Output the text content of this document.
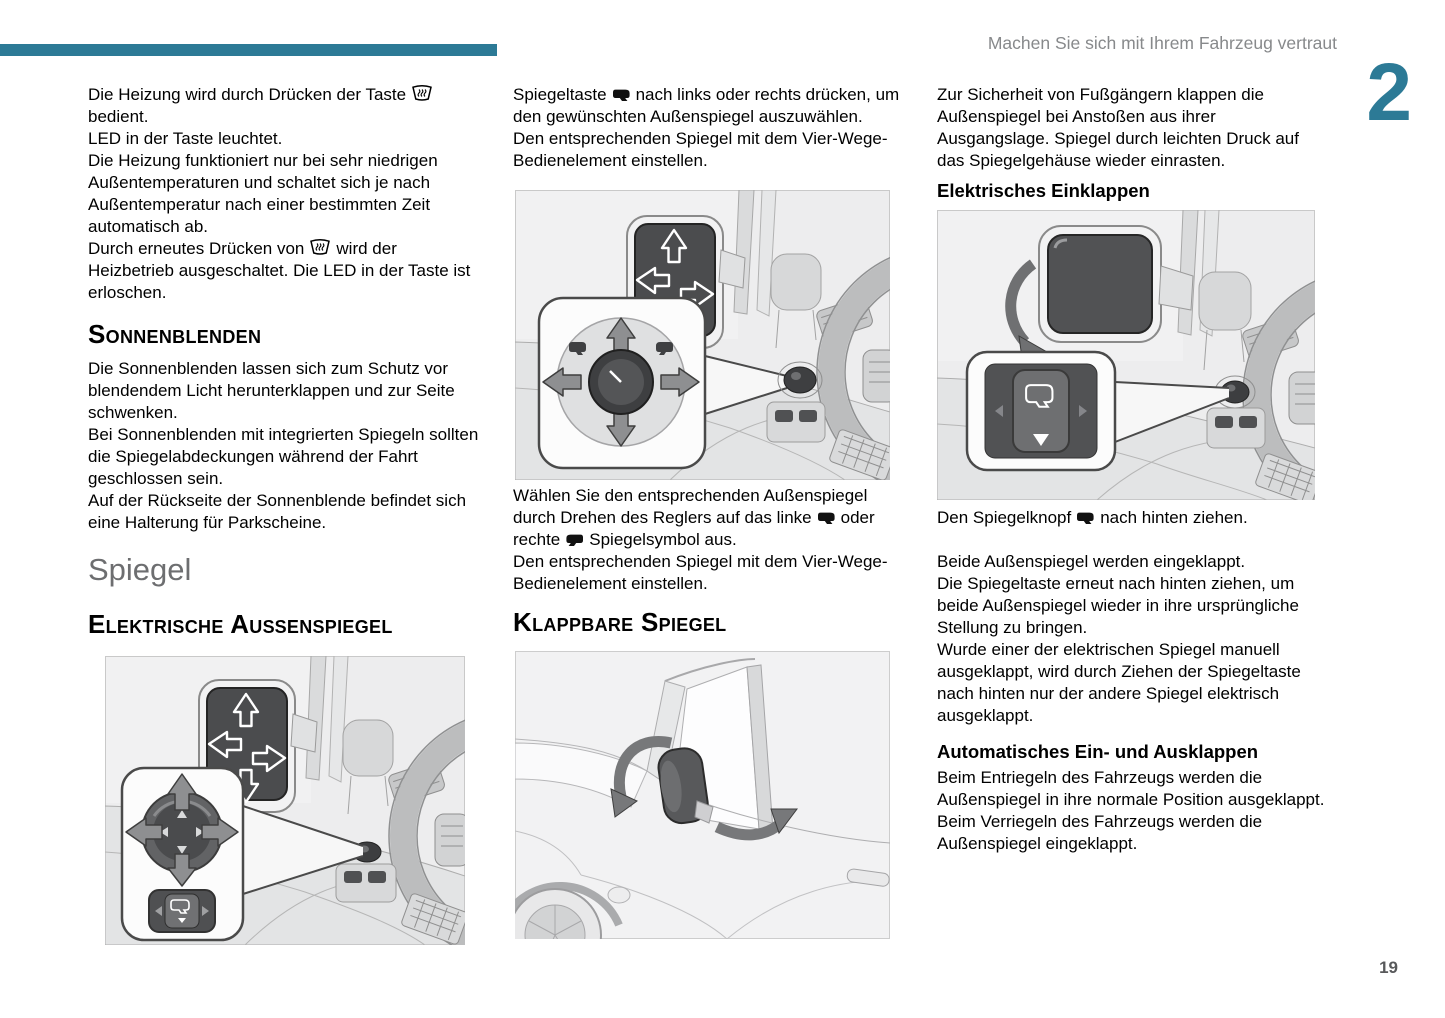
Machen Sie sich mit Ihrem Fahrzeug vertraut
2
19

Die Heizung wird durch Drücken der Taste
bedient.

LED in der Taste leuchtet.

Die Heizung funktioniert nur bei sehr niedrigen Außentemperaturen und schaltet sich je nach Außentemperatur nach einer bestimmten Zeit automatisch ab.

Durch erneutes Drücken von wird der Heizbetrieb ausgeschaltet. Die LED in der Taste ist erloschen.

Sonnenblenden

Die Sonnenblenden lassen sich zum Schutz vor blendendem Licht herunterklappen und zur Seite schwenken.

Bei Sonnenblenden mit integrierten Spiegeln sollten die Spiegelabdeckungen während der Fahrt geschlossen sein.

Auf der Rückseite der Sonnenblende befindet sich eine Halterung für Parkscheine.

Spiegel
Elektrische Außenspiegel

Spiegeltaste nach links oder rechts drücken, um den gewünschten Außenspiegel auszuwählen.

Den entsprechenden Spiegel mit dem Vier-Wege-Bedienelement einstellen.

Wählen Sie den entsprechenden Außenspiegel durch Drehen des Reglers auf das linke oder rechte Spiegelsymbol aus.

Den entsprechenden Spiegel mit dem Vier-Wege-Bedienelement einstellen.

Klappbare Spiegel

Zur Sicherheit von Fußgängern klappen die Außenspiegel bei Anstoßen aus ihrer Ausgangslage. Spiegel durch leichten Druck auf das Spiegelgehäuse wieder einrasten.

Elektrisches Einklappen

Den Spiegelknopf nach hinten ziehen.

Beide Außenspiegel werden eingeklappt.

Die Spiegeltaste erneut nach hinten ziehen, um beide Außenspiegel wieder in ihre ursprüngliche Stellung zu bringen.

Wurde einer der elektrischen Spiegel manuell ausgeklappt, wird durch Ziehen der Spiegeltaste nach hinten nur der andere Spiegel elektrisch ausgeklappt.

Automatisches Ein- und Ausklappen

Beim Entriegeln des Fahrzeugs werden die Außenspiegel in ihre normale Position ausgeklappt. Beim Verriegeln des Fahrzeugs werden die Außenspiegel eingeklappt.
